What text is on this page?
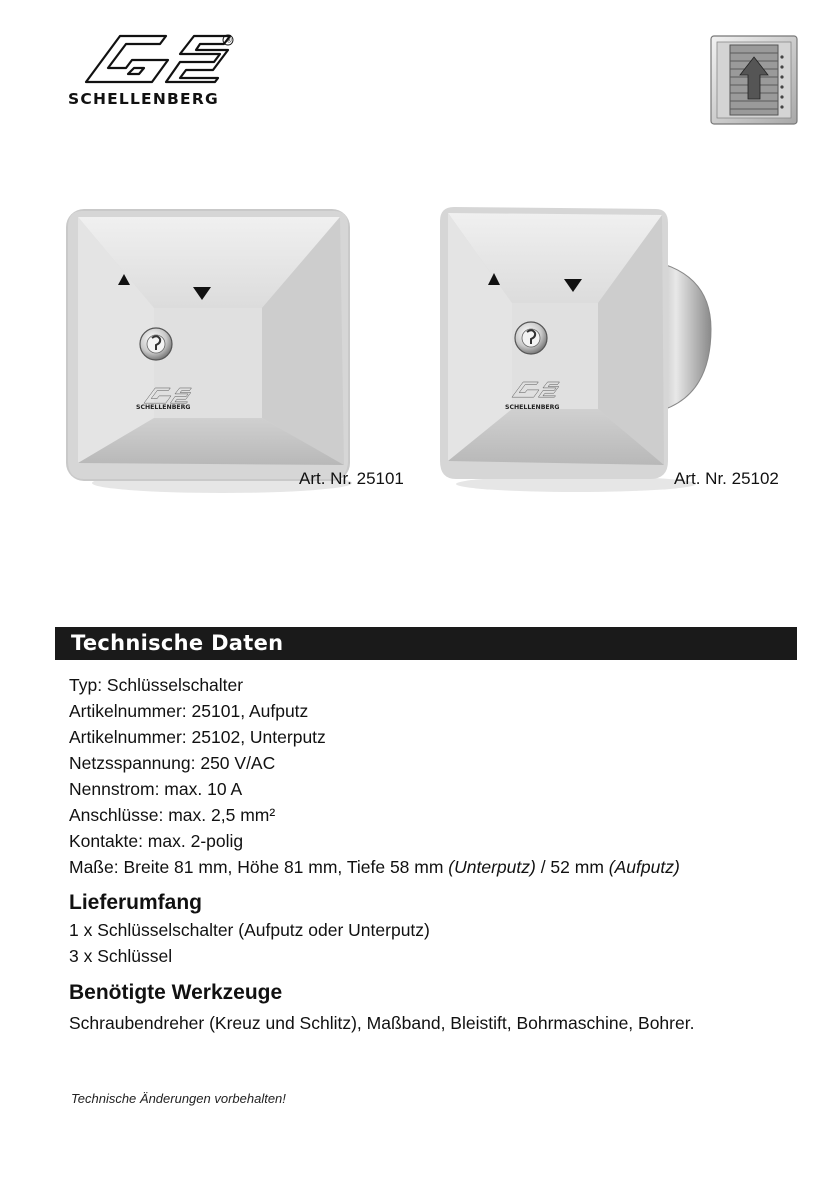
®
SCHELLENBERG
SCHELLENBERG
Art. Nr. 25101
SCHELLENBERG
Art. Nr. 25102
Technische Daten
Typ: Schlüsselschalter
Artikelnummer: 25101, Aufputz
Artikelnummer: 25102, Unterputz
Netzsspannung: 250 V/AC
Nennstrom: max. 10 A
Anschlüsse: max. 2,5 mm²
Kontakte: max. 2-polig
Maße: Breite 81 mm, Höhe 81 mm, Tiefe 58 mm (Unterputz) / 52 mm (Aufputz)
Lieferumfang
1 x Schlüsselschalter (Aufputz oder Unterputz)
3 x Schlüssel
Benötigte Werkzeuge
Schraubendreher (Kreuz und Schlitz), Maßband, Bleistift, Bohrmaschine, Bohrer.
Technische Änderungen vorbehalten!
